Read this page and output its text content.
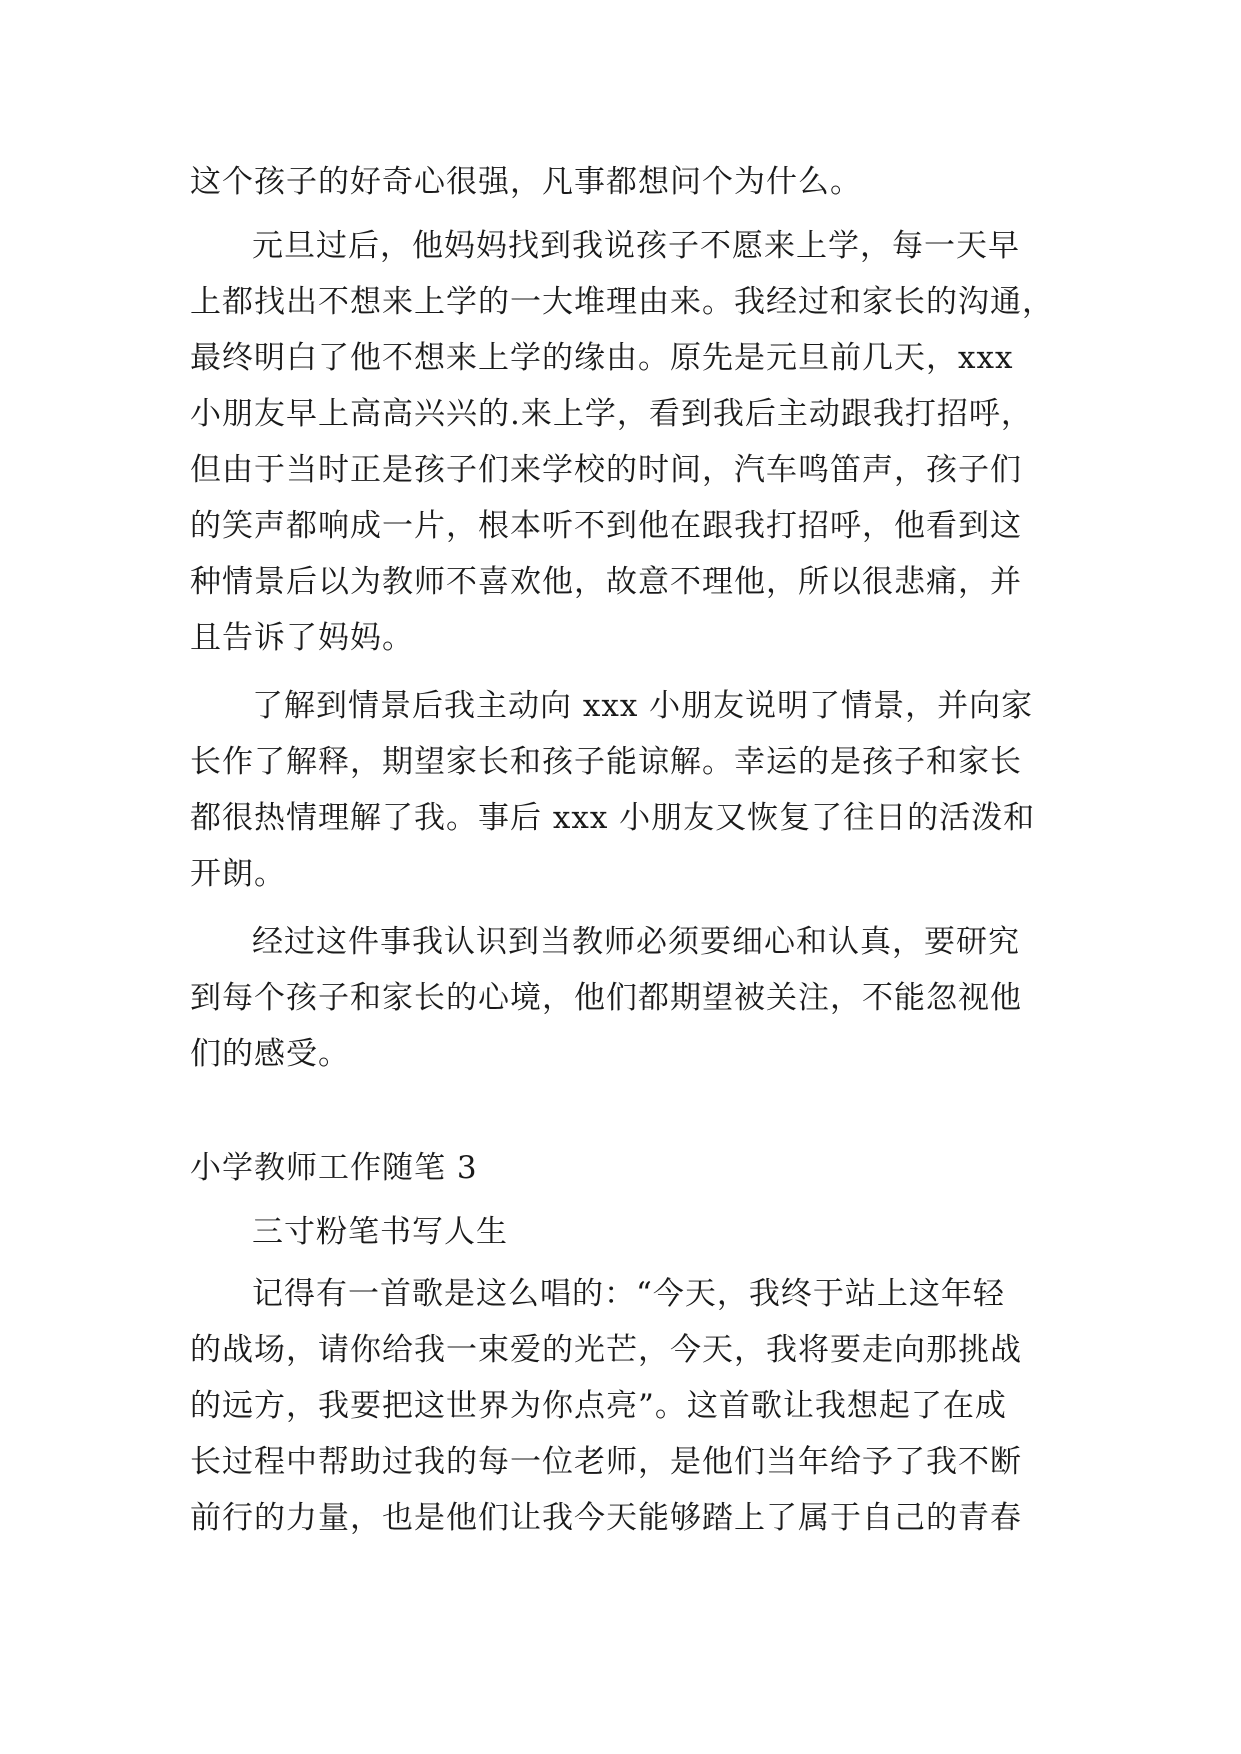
这个孩子的好奇心很强，凡事都想问个为什么。
元旦过后，他妈妈找到我说孩子不愿来上学，每一天早
上都找出不想来上学的一大堆理由来。我经过和家长的沟通，
最终明白了他不想来上学的缘由。原先是元旦前几天，xxx
小朋友早上高高兴兴的.来上学，看到我后主动跟我打招呼，
但由于当时正是孩子们来学校的时间，汽车鸣笛声，孩子们
的笑声都响成一片，根本听不到他在跟我打招呼，他看到这
种情景后以为教师不喜欢他，故意不理他，所以很悲痛，并
且告诉了妈妈。
了解到情景后我主动向 xxx 小朋友说明了情景，并向家
长作了解释，期望家长和孩子能谅解。幸运的是孩子和家长
都很热情理解了我。事后 xxx 小朋友又恢复了往日的活泼和
开朗。
经过这件事我认识到当教师必须要细心和认真，要研究
到每个孩子和家长的心境，他们都期望被关注，不能忽视他
们的感受。
小学教师工作随笔 3
三寸粉笔书写人生
记得有一首歌是这么唱的：“今天，我终于站上这年轻
的战场，请你给我一束爱的光芒，今天，我将要走向那挑战
的远方，我要把这世界为你点亮”。这首歌让我想起了在成
长过程中帮助过我的每一位老师，是他们当年给予了我不断
前行的力量，也是他们让我今天能够踏上了属于自己的青春
